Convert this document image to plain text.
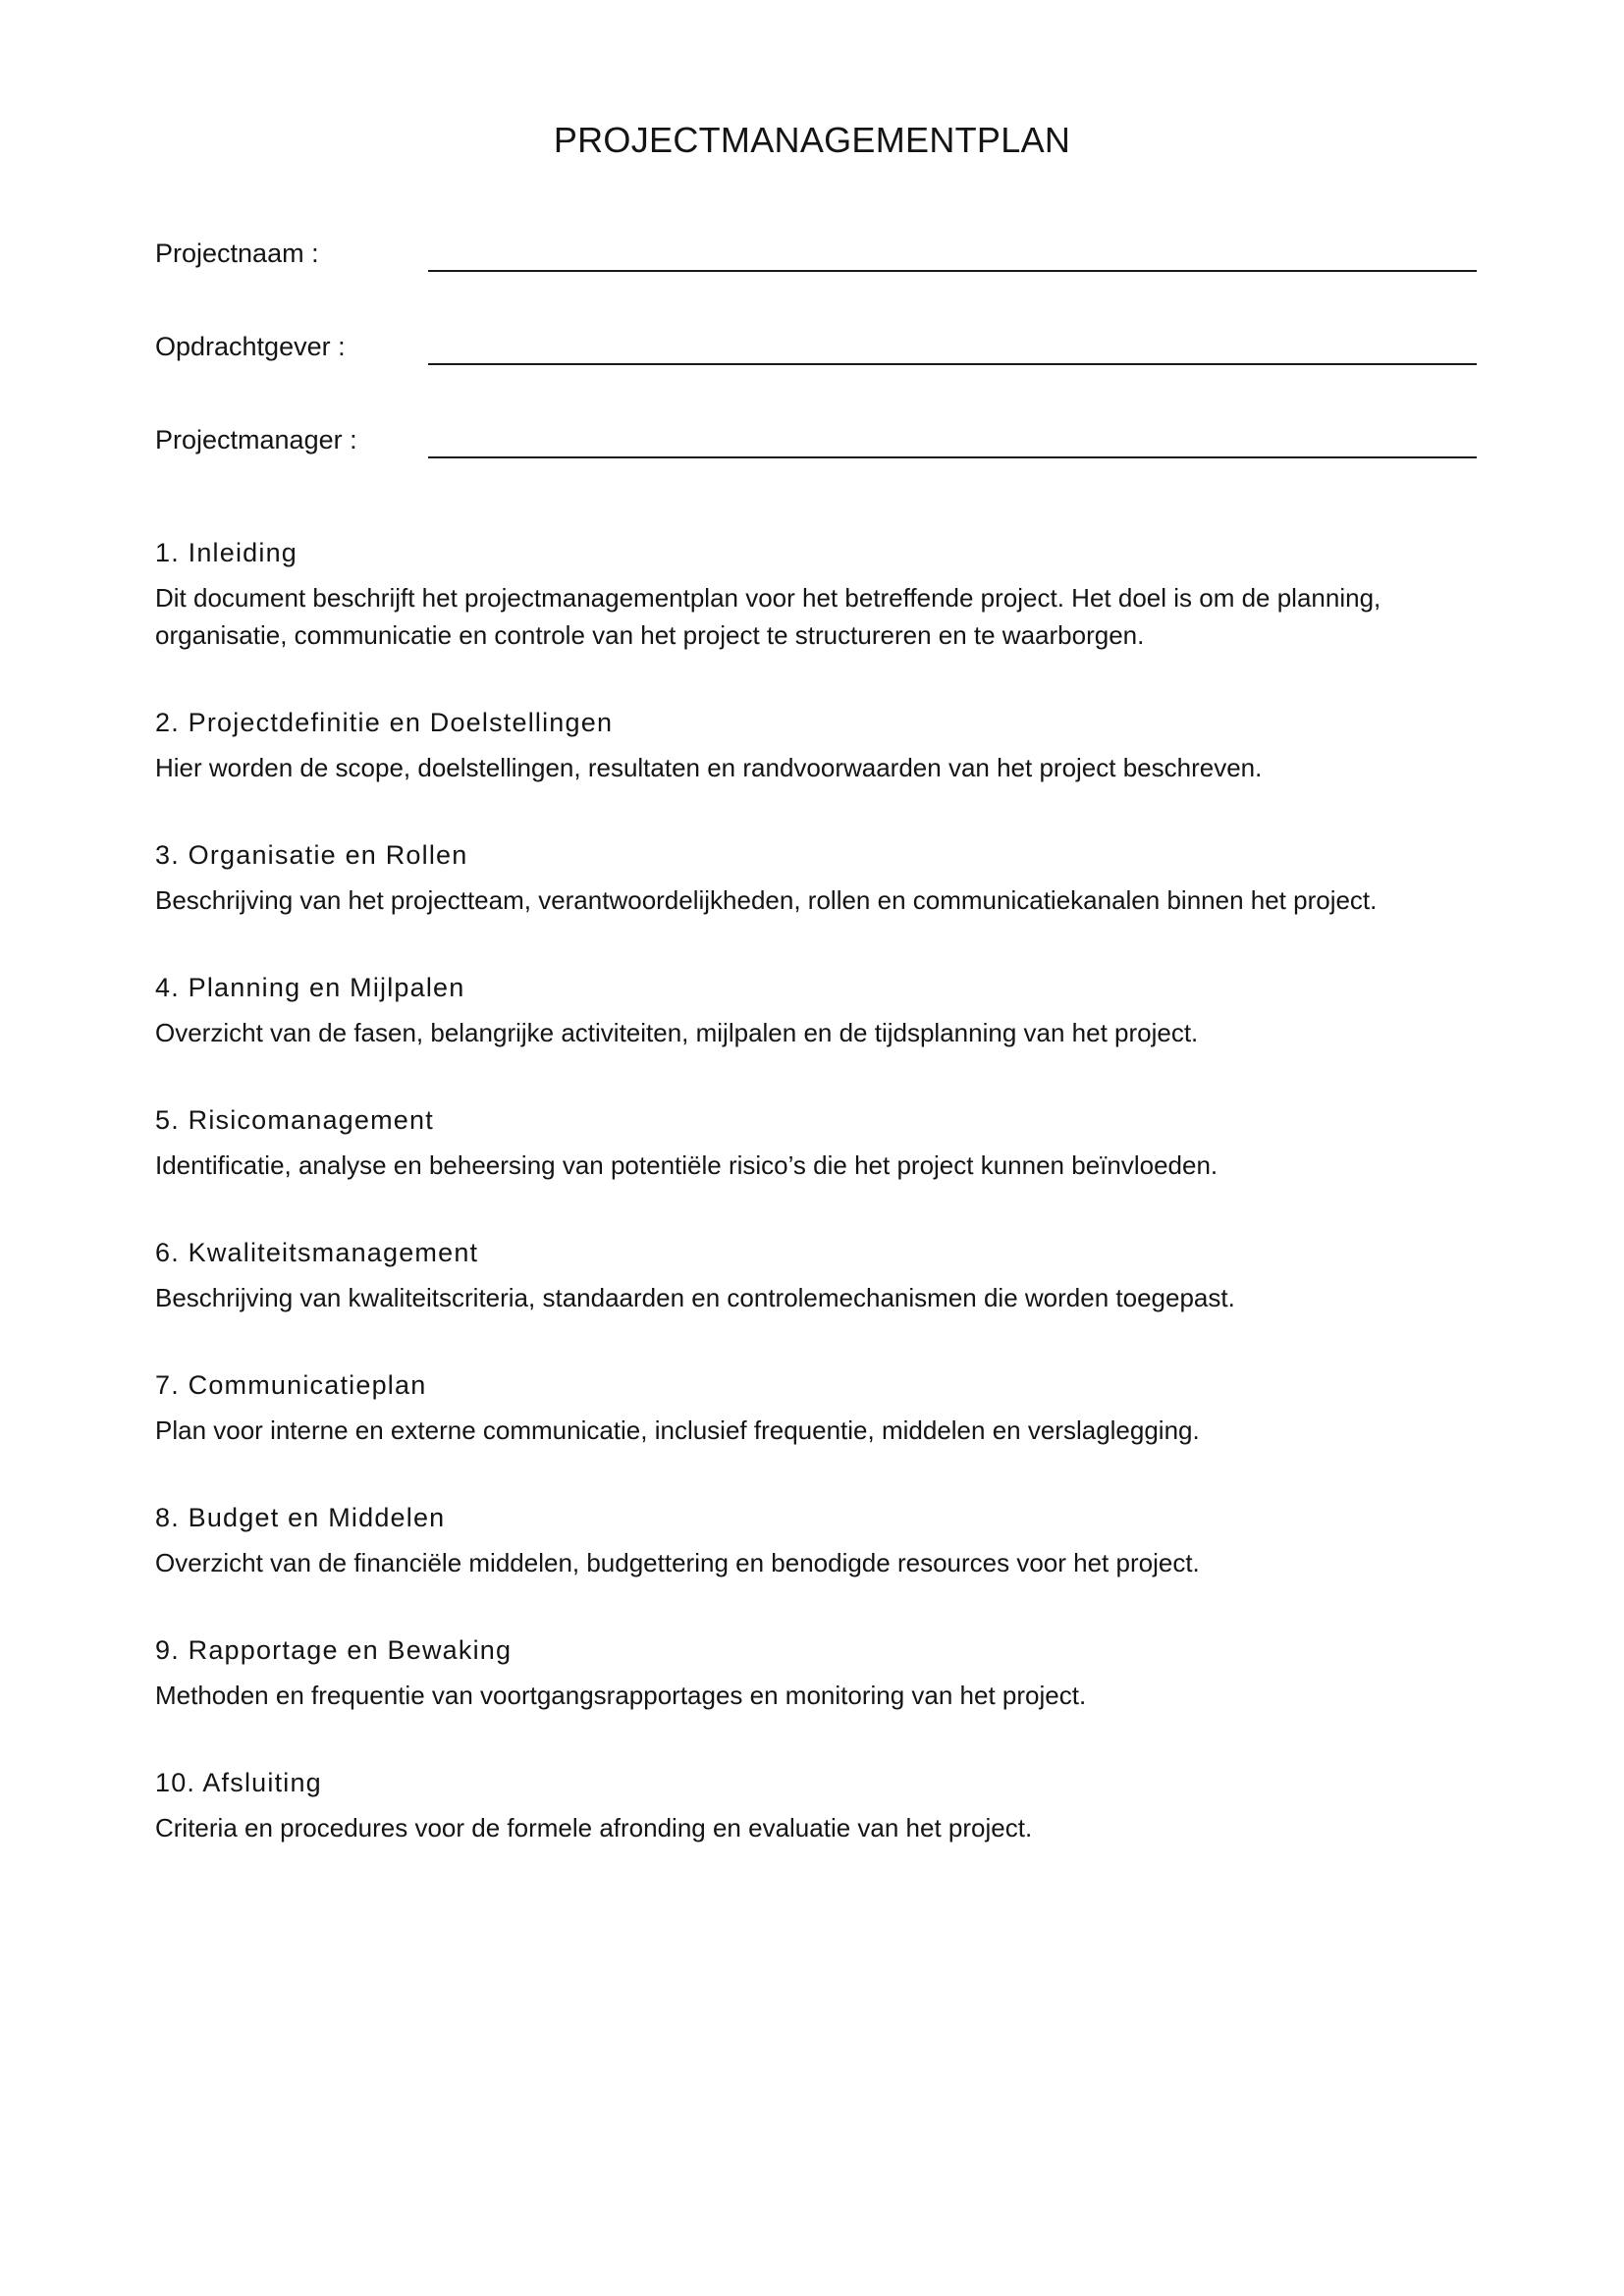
PROJECTMANAGEMENTPLAN
Projectnaam :
Opdrachtgever :
Projectmanager :
1. Inleiding

Dit document beschrijft het projectmanagementplan voor het betreffende project. Het doel is om de planning, organisatie, communicatie en controle van het project te structureren en te waarborgen.

2. Projectdefinitie en Doelstellingen

Hier worden de scope, doelstellingen, resultaten en randvoorwaarden van het project beschreven.

3. Organisatie en Rollen

Beschrijving van het projectteam, verantwoordelijkheden, rollen en communicatiekanalen binnen het project.

4. Planning en Mijlpalen

Overzicht van de fasen, belangrijke activiteiten, mijlpalen en de tijdsplanning van het project.

5. Risicomanagement

Identificatie, analyse en beheersing van potentiële risico’s die het project kunnen beïnvloeden.

6. Kwaliteitsmanagement

Beschrijving van kwaliteitscriteria, standaarden en controlemechanismen die worden toegepast.

7. Communicatieplan

Plan voor interne en externe communicatie, inclusief frequentie, middelen en verslaglegging.

8. Budget en Middelen

Overzicht van de financiële middelen, budgettering en benodigde resources voor het project.

9. Rapportage en Bewaking

Methoden en frequentie van voortgangsrapportages en monitoring van het project.

10. Afsluiting

Criteria en procedures voor de formele afronding en evaluatie van het project.
